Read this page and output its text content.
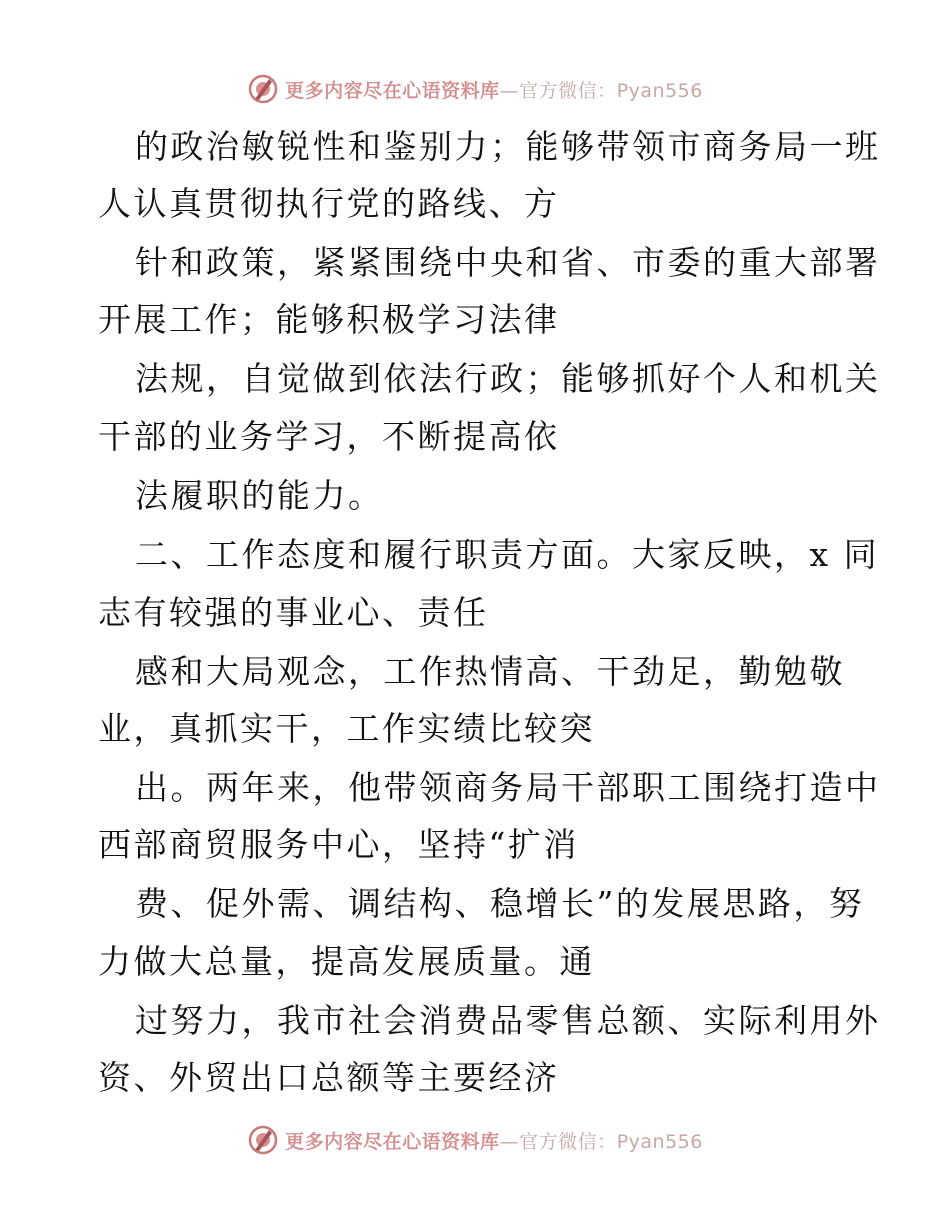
更多内容尽在心语资料库—官方微信：Pyan556
的政治敏锐性和鉴别力；能够带领市商务局一班
人认真贯彻执行党的路线、方
针和政策，紧紧围绕中央和省、市委的重大部署
开展工作；能够积极学习法律
法规，自觉做到依法行政；能够抓好个人和机关
干部的业务学习，不断提高依
法履职的能力。
二、工作态度和履行职责方面。大家反映，x 同
志有较强的事业心、责任
感和大局观念，工作热情高、干劲足，勤勉敬
业，真抓实干，工作实绩比较突
出。两年来，他带领商务局干部职工围绕打造中
西部商贸服务中心，坚持“扩消
费、促外需、调结构、稳增长”的发展思路，努
力做大总量，提高发展质量。通
过努力，我市社会消费品零售总额、实际利用外
资、外贸出口总额等主要经济
更多内容尽在心语资料库—官方微信：Pyan556
